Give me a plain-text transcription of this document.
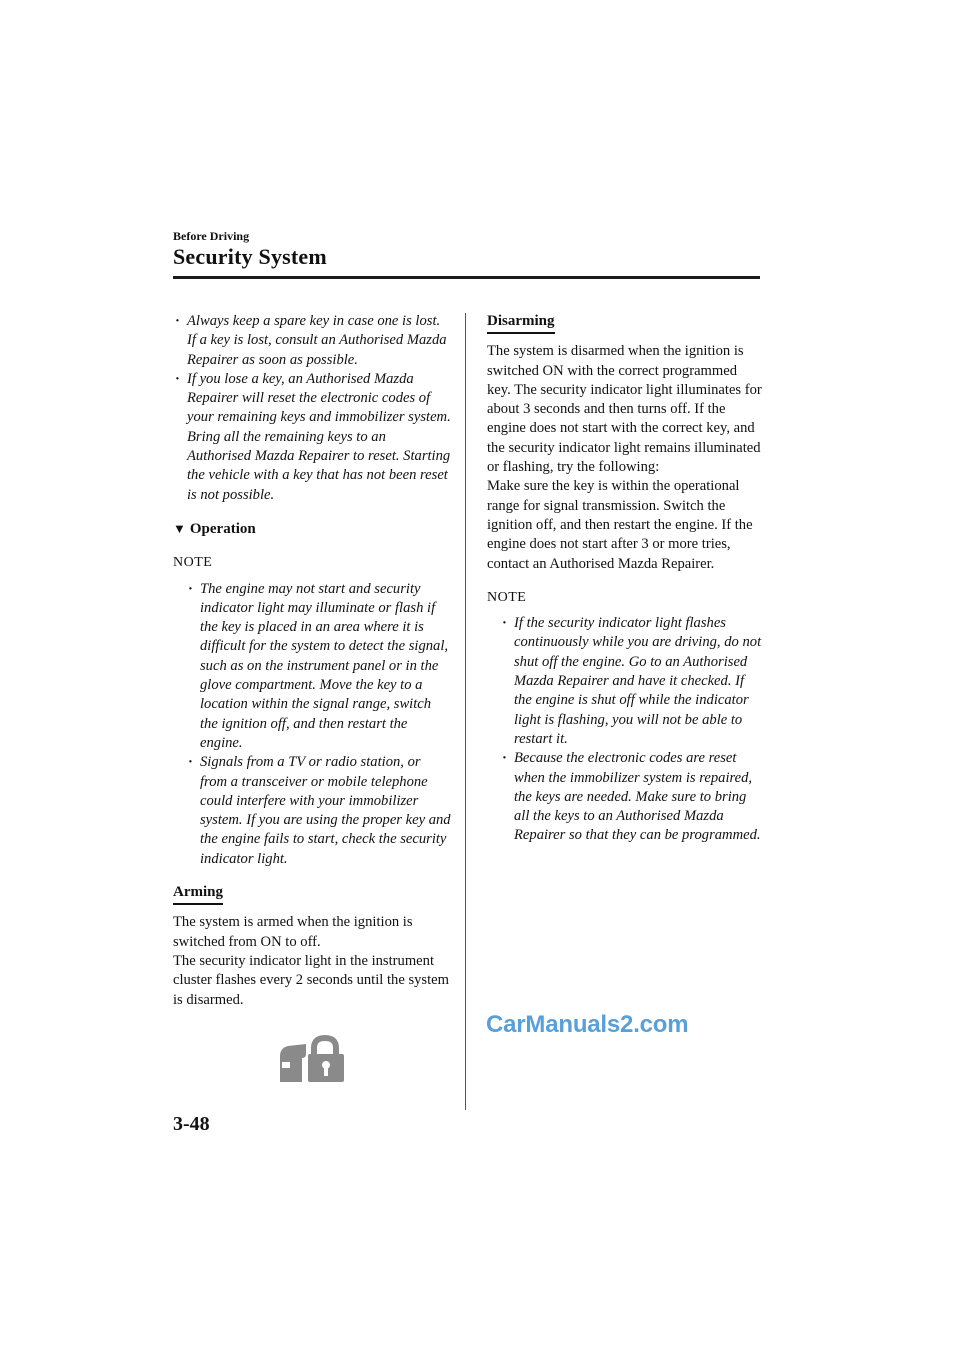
Before Driving
Security System
· Always keep a spare key in case one is lost. If a key is lost, consult an Authorised Mazda Repairer as soon as possible.
· If you lose a key, an Authorised Mazda Repairer will reset the electronic codes of your remaining keys and immobilizer system. Bring all the remaining keys to an Authorised Mazda Repairer to reset. Starting the vehicle with a key that has not been reset is not possible.
▼ Operation
NOTE
· The engine may not start and security indicator light may illuminate or flash if the key is placed in an area where it is difficult for the system to detect the signal, such as on the instrument panel or in the glove compartment. Move the key to a location within the signal range, switch the ignition off, and then restart the engine.
· Signals from a TV or radio station, or from a transceiver or mobile telephone could interfere with your immobilizer system. If you are using the proper key and the engine fails to start, check the security indicator light.
Arming

The system is armed when the ignition is switched from ON to off.

The security indicator light in the instrument cluster flashes every 2 seconds until the system is disarmed.

Disarming

The system is disarmed when the ignition is switched ON with the correct programmed key. The security indicator light illuminates for about 3 seconds and then turns off. If the engine does not start with the correct key, and the security indicator light remains illuminated or flashing, try the following:

Make sure the key is within the operational range for signal transmission. Switch the ignition off, and then restart the engine. If the engine does not start after 3 or more tries, contact an Authorised Mazda Repairer.

NOTE
· If the security indicator light flashes continuously while you are driving, do not shut off the engine. Go to an Authorised Mazda Repairer and have it checked. If the engine is shut off while the indicator light is flashing, you will not be able to restart it.
· Because the electronic codes are reset when the immobilizer system is repaired, the keys are needed. Make sure to bring all the keys to an Authorised Mazda Repairer so that they can be programmed.
CarManuals2.com
3-48
